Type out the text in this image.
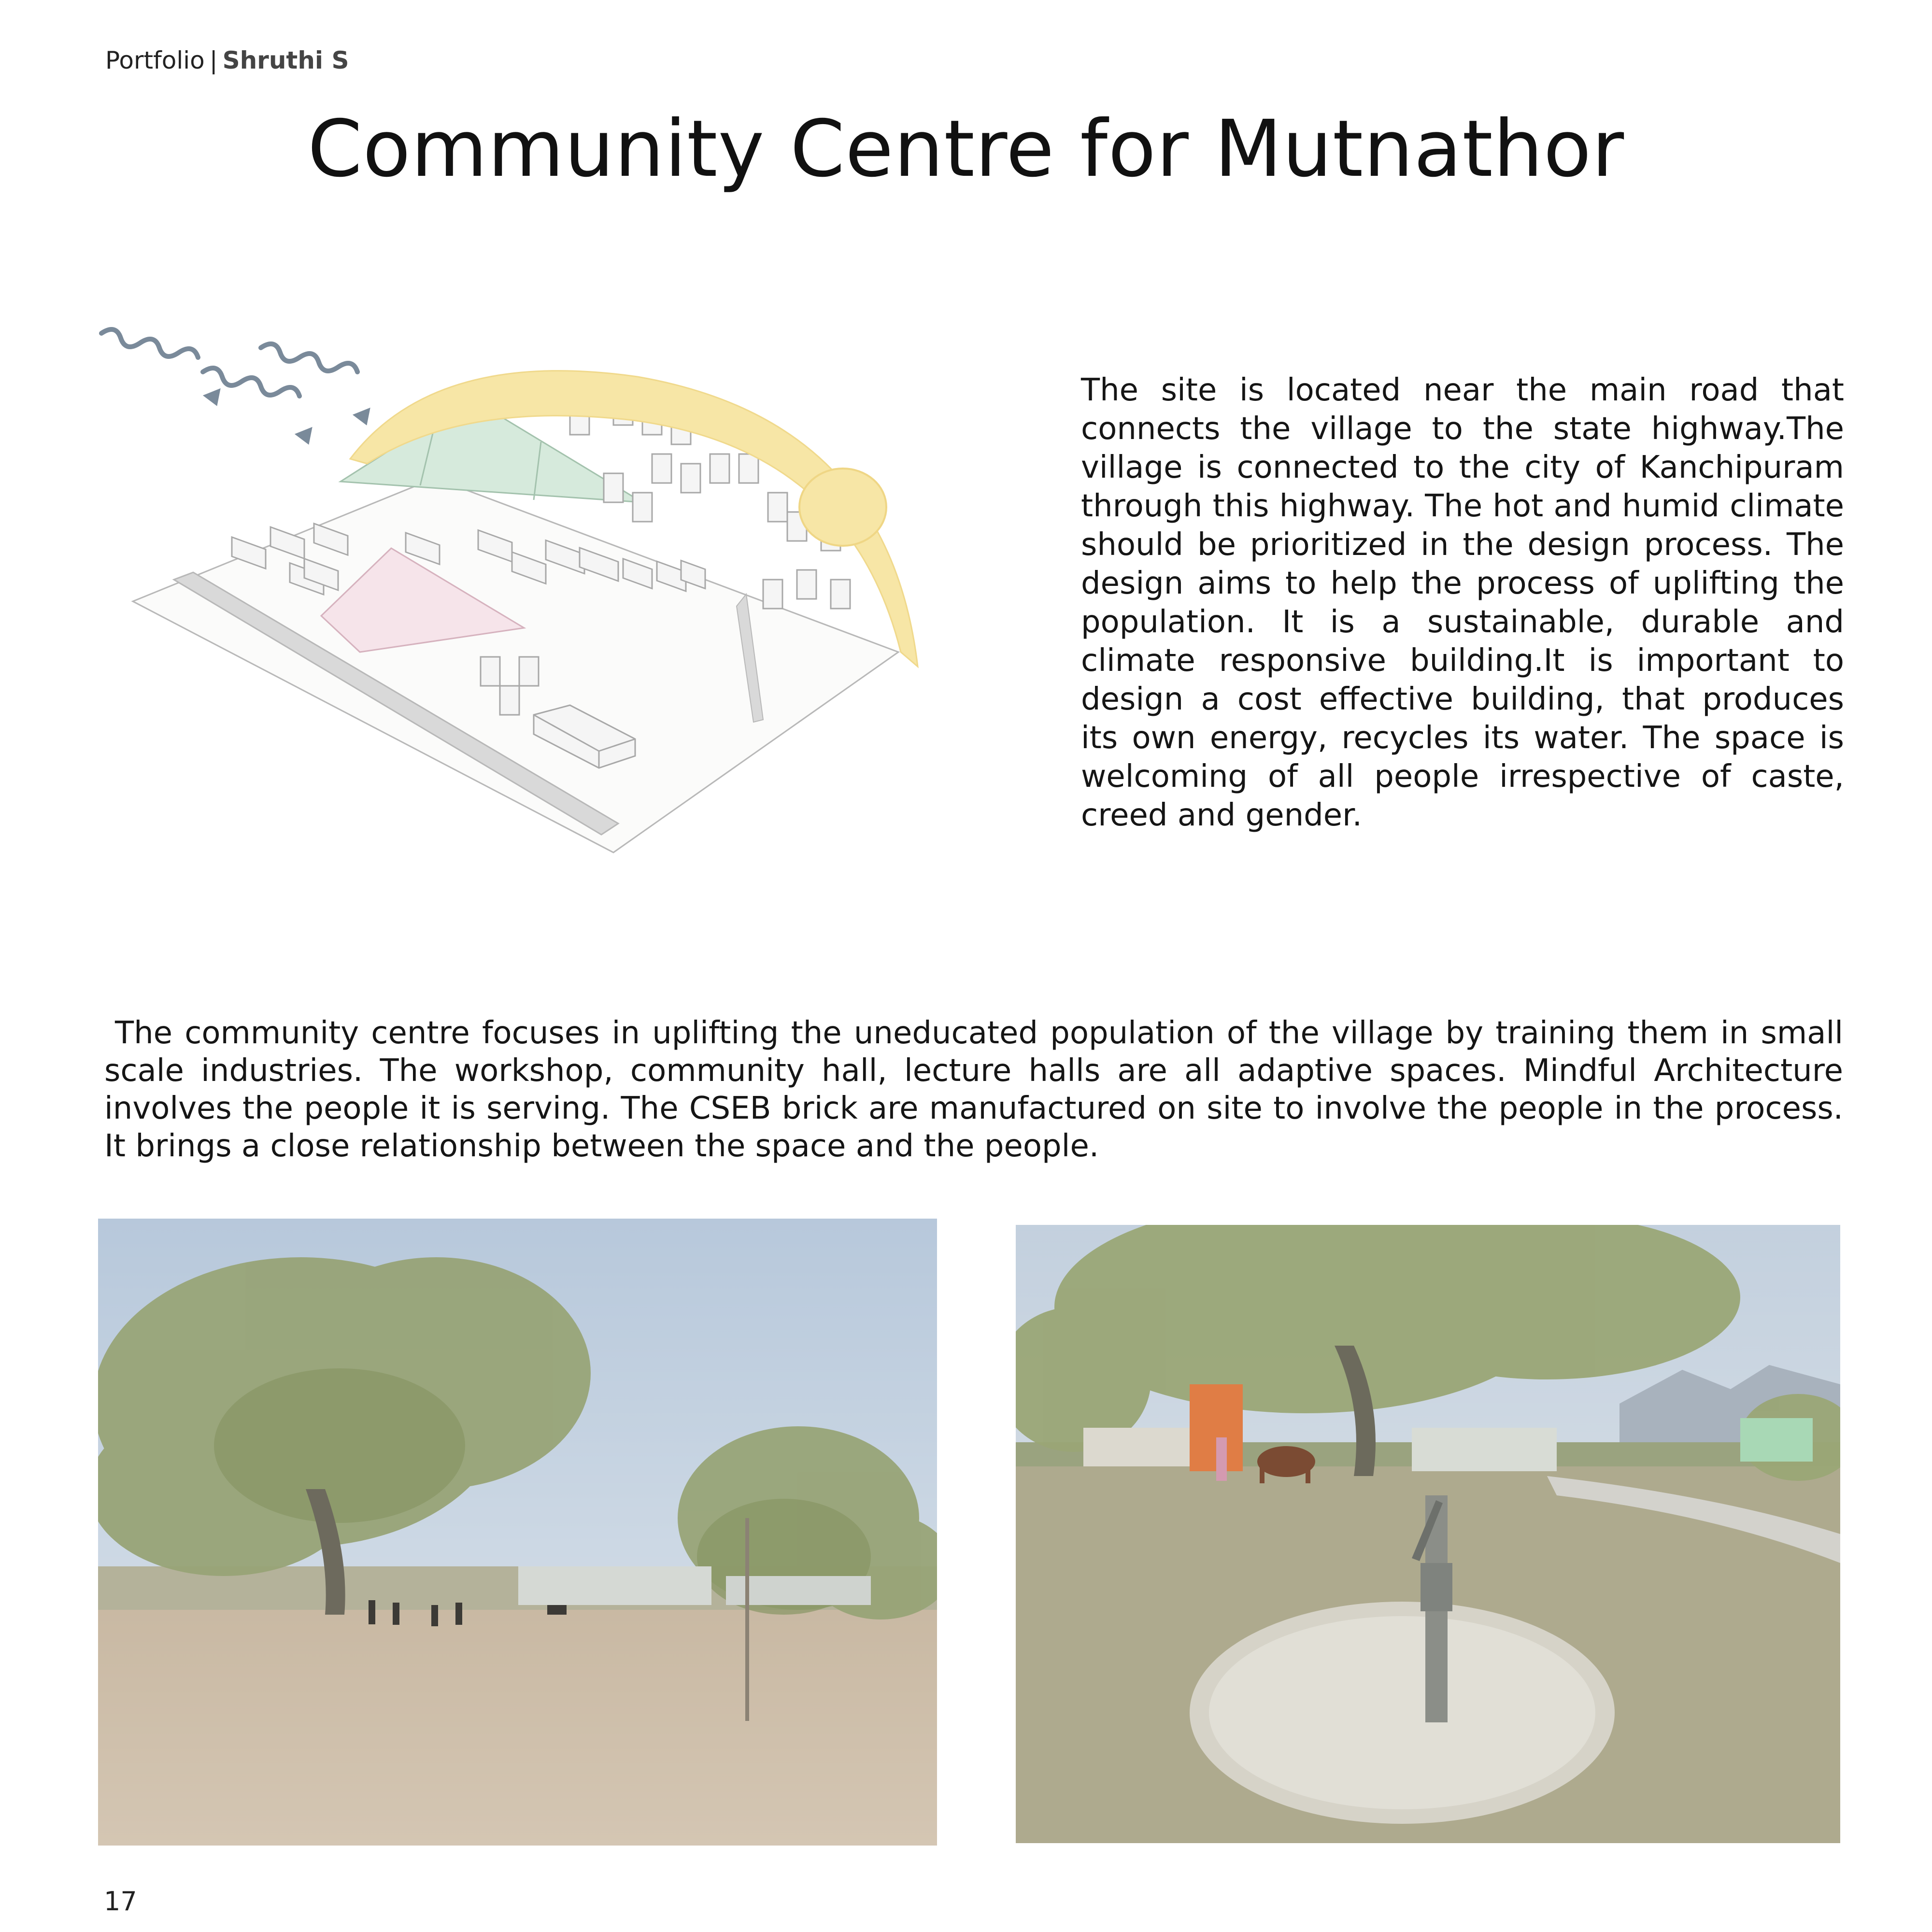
Portfolio | Shruthi S
Community Centre for Mutnathor

The site is located near the main road that connects the village to the state highway.The village is connected to the city of Kanchipuram through this highway. The hot and humid climate should be prioritized in the design process. The design aims to help the process of uplifting the population. It is a sustainable, durable and climate responsive building.It is important to design a cost effective building, that produces its own energy, recycles its water. The space is welcoming of all people irrespective of caste, creed and gender.

The community centre focuses in uplifting the uneducated population of the village by training them in small scale industries. The workshop, community hall, lecture halls are all adaptive spaces. Mindful Architecture involves the people it is serving. The CSEB brick are manufactured on site to involve the people in the process. It brings a close relationship between the space and the people.

17
